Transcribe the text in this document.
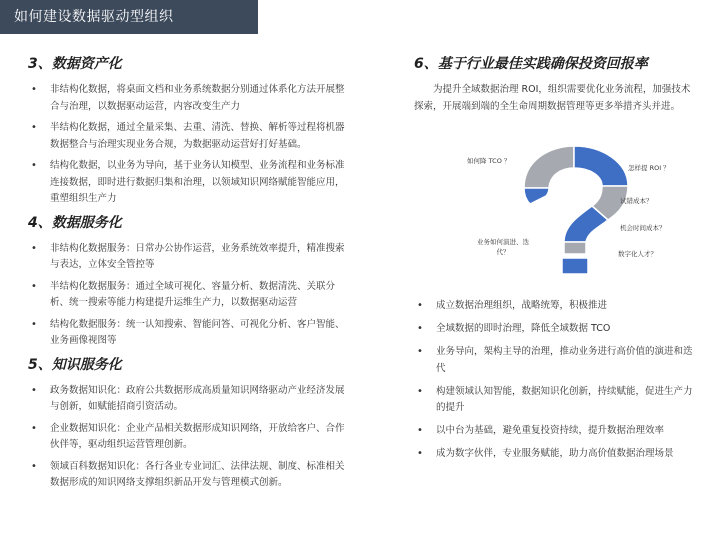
如何建设数据驱动型组织
3、数据资产化
• 非结构化数据，将桌面文档和业务系统数据分别通过体系化方法开展整合与治理，以数据驱动运营，内容改变生产力
• 半结构化数据，通过全量采集、去重、清洗、替换、解析等过程将机器数据整合与治理实现业务合规，为数据驱动运营好打好基础。
• 结构化数据，以业务为导向，基于业务认知模型、业务流程和业务标准连接数据，即时进行数据归集和治理，以领域知识网络赋能智能应用，重塑组织生产力
4、数据服务化
• 非结构化数据服务：日常办公协作运营，业务系统效率提升，精准搜索与表达，立体安全管控等
• 半结构化数据服务：通过全域可视化、容量分析、数据清洗、关联分析、统一搜索等能力构建提升运维生产力，以数据驱动运营
• 结构化数据服务：统一认知搜索、智能问答、可视化分析、客户智能、业务画像视图等
5、知识服务化
• 政务数据知识化：政府公共数据形成高质量知识网络驱动产业经济发展与创新，如赋能招商引资活动。
• 企业数据知识化：企业产品相关数据形成知识网络，开放给客户、合作伙伴等，驱动组织运营管理创新。
• 领域百科数据知识化：各行各业专业词汇、法律法规、制度、标准相关数据形成的知识网络支撑组织新品开发与管理模式创新。
6、基于行业最佳实践确保投资回报率

为提升全域数据治理 ROI，组织需要优化业务流程，加强技术探索，开展端到端的全生命周期数据管理等更多举措齐头并进。

如何降 TCO ？
怎样提 ROI ？
试错成本？
机会时间成本？
数字化人才？
业务如何演进、迭代？
• 成立数据治理组织，战略统筹，积极推进
• 全域数据的即时治理，降低全域数据 TCO
• 业务导向，架构主导的治理，推动业务进行高价值的演进和迭代
• 构建领域认知智能，数据知识化创新，持续赋能，促进生产力的提升
• 以中台为基础，避免重复投资持续，提升数据治理效率
• 成为数字伙伴，专业服务赋能，助力高价值数据治理场景
